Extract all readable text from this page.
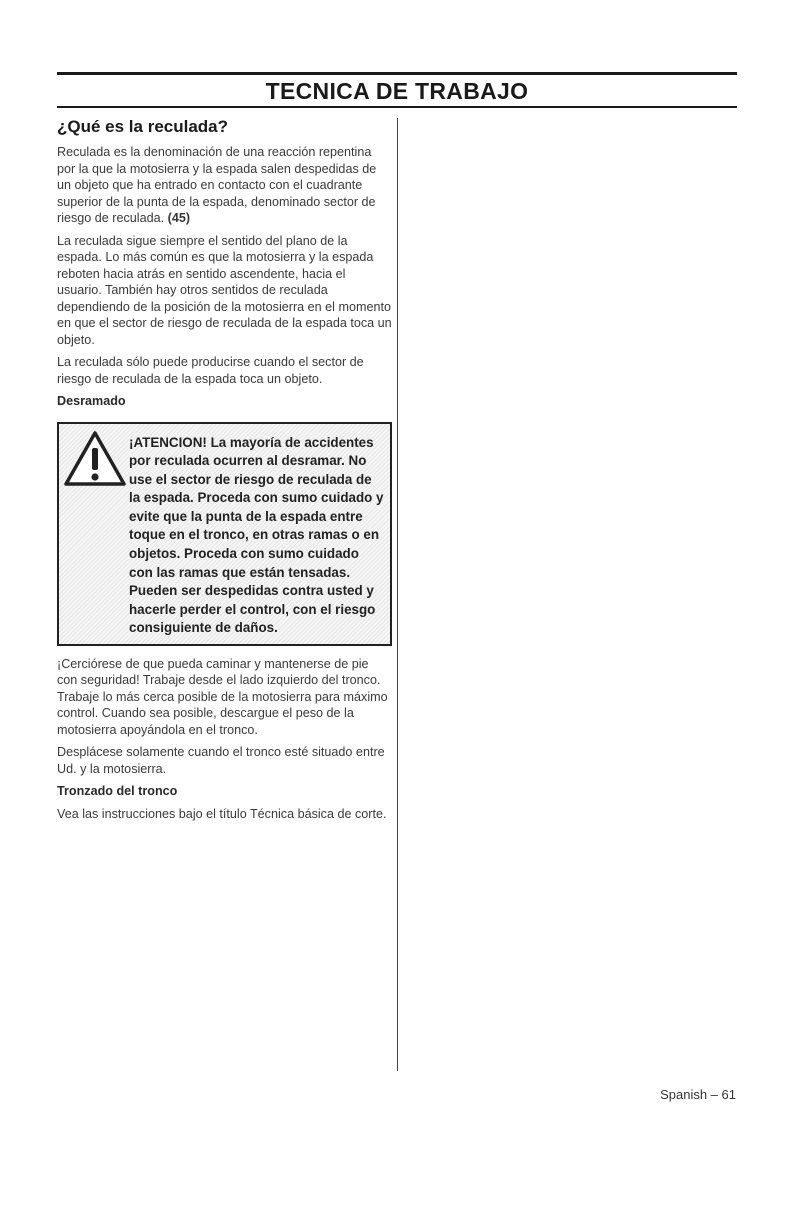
TECNICA DE TRABAJO
¿Qué es la reculada?

Reculada es la denominación de una reacción repentina por la que la motosierra y la espada salen despedidas de un objeto que ha entrado en contacto con el cuadrante superior de la punta de la espada, denominado sector de riesgo de reculada. (45)

La reculada sigue siempre el sentido del plano de la espada. Lo más común es que la motosierra y la espada reboten hacia atrás en sentido ascendente, hacia el usuario. También hay otros sentidos de reculada dependiendo de la posición de la motosierra en el momento en que el sector de riesgo de reculada de la espada toca un objeto.

La reculada sólo puede producirse cuando el sector de riesgo de reculada de la espada toca un objeto.

Desramado
¡ATENCION! La mayoría de accidentes por reculada ocurren al desramar. No use el sector de riesgo de reculada de la espada. Proceda con sumo cuidado y evite que la punta de la espada entre toque en el tronco, en otras ramas o en objetos. Proceda con sumo cuidado con las ramas que están tensadas. Pueden ser despedidas contra usted y hacerle perder el control, con el riesgo consiguiente de daños.

¡Cerciórese de que pueda caminar y mantenerse de pie con seguridad! Trabaje desde el lado izquierdo del tronco. Trabaje lo más cerca posible de la motosierra para máximo control. Cuando sea posible, descargue el peso de la motosierra apoyándola en el tronco.

Desplácese solamente cuando el tronco esté situado entre Ud. y la motosierra.

Tronzado del tronco

Vea las instrucciones bajo el título Técnica básica de corte.

Spanish – 61
